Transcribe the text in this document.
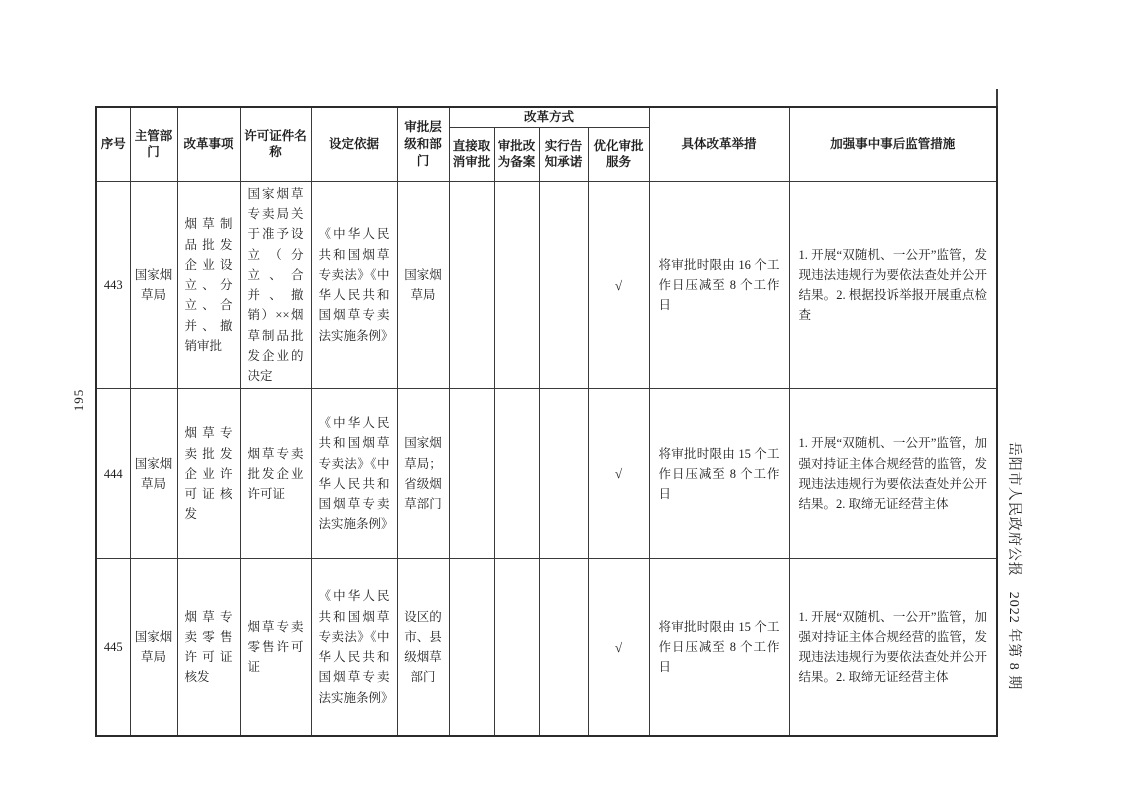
195
岳阳市人民政府公报　2022 年第 8 期
序号	主管部门	改革事项	许可证件名称	设定依据	审批层级和部门	改革方式				具体改革举措	加强事中事后监管措施
						直接取消审批	审批改为备案	实行告知承诺	优化审批服务		
443	国家烟草局	烟草制品批发企业设立、分立、合并、撤销审批	国家烟草专卖局关于准予设立（分立、合并、撤销）××烟草制品批发企业的决定	《中华人民共和国烟草专卖法》《中华人民共和国烟草专卖法实施条例》	国家烟草局				√	将审批时限由 16 个工作日压减至 8 个工作日	1. 开展“双随机、一公开”监管，发现违法违规行为要依法查处并公开结果。2. 根据投诉举报开展重点检查
444	国家烟草局	烟草专卖批发企业许可证核发	烟草专卖批发企业许可证	《中华人民共和国烟草专卖法》《中华人民共和国烟草专卖法实施条例》	国家烟草局；省级烟草部门				√	将审批时限由 15 个工作日压减至 8 个工作日	1. 开展“双随机、一公开”监管，加强对持证主体合规经营的监管，发现违法违规行为要依法查处并公开结果。2. 取缔无证经营主体
445	国家烟草局	烟草专卖零售许可证核发	烟草专卖零售许可证	《中华人民共和国烟草专卖法》《中华人民共和国烟草专卖法实施条例》	设区的市、县级烟草部门				√	将审批时限由 15 个工作日压减至 8 个工作日	1. 开展“双随机、一公开”监管，加强对持证主体合规经营的监管，发现违法违规行为要依法查处并公开结果。2. 取缔无证经营主体
